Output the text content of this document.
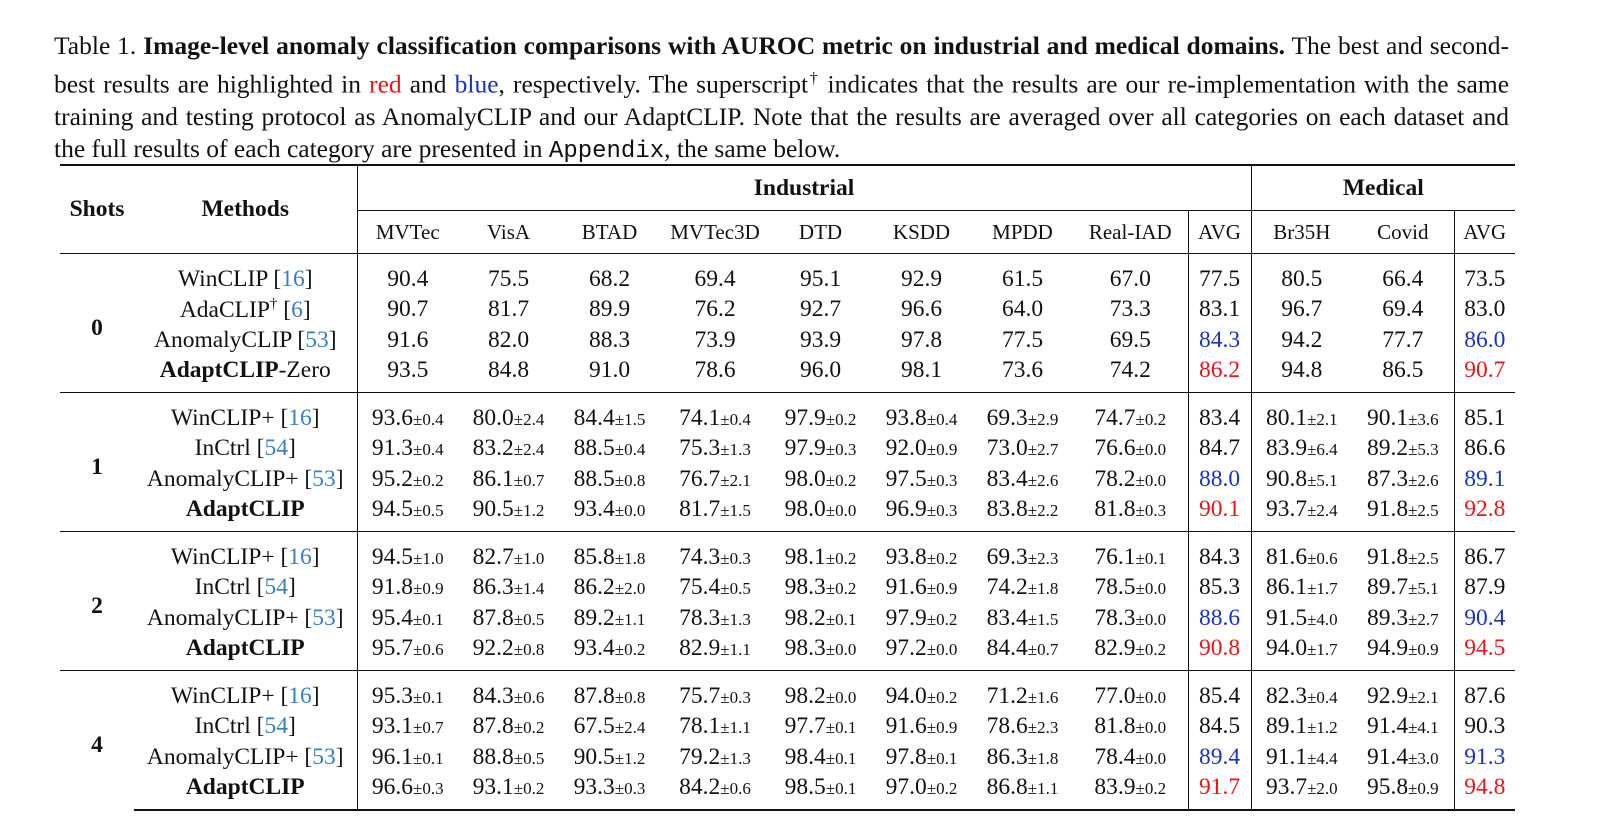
Table 1. Image-level anomaly classification comparisons with AUROC metric on industrial and medical domains. The best and second-best results are highlighted in red and blue, respectively. The superscript† indicates that the results are our re-implementation with the same training and testing protocol as AnomalyCLIP and our AdaptCLIP. Note that the results are averaged over all categories on each dataset and the full results of each category are presented in Appendix, the same below.
Shots	Methods	Industrial									Medical		
		MVTec	VisA	BTAD	MVTec3D	DTD	KSDD	MPDD	Real-IAD	AVG	Br35H	Covid	AVG
0	WinCLIP [16]	90.4	75.5	68.2	69.4	95.1	92.9	61.5	67.0	77.5	80.5	66.4	73.5
	AdaCLIP† [6]	90.7	81.7	89.9	76.2	92.7	96.6	64.0	73.3	83.1	96.7	69.4	83.0
	AnomalyCLIP [53]	91.6	82.0	88.3	73.9	93.9	97.8	77.5	69.5	84.3	94.2	77.7	86.0
	AdaptCLIP-Zero	93.5	84.8	91.0	78.6	96.0	98.1	73.6	74.2	86.2	94.8	86.5	90.7
1	WinCLIP+ [16]	93.6±0.4	80.0±2.4	84.4±1.5	74.1±0.4	97.9±0.2	93.8±0.4	69.3±2.9	74.7±0.2	83.4	80.1±2.1	90.1±3.6	85.1
	InCtrl [54]	91.3±0.4	83.2±2.4	88.5±0.4	75.3±1.3	97.9±0.3	92.0±0.9	73.0±2.7	76.6±0.0	84.7	83.9±6.4	89.2±5.3	86.6
	AnomalyCLIP+ [53]	95.2±0.2	86.1±0.7	88.5±0.8	76.7±2.1	98.0±0.2	97.5±0.3	83.4±2.6	78.2±0.0	88.0	90.8±5.1	87.3±2.6	89.1
	AdaptCLIP	94.5±0.5	90.5±1.2	93.4±0.0	81.7±1.5	98.0±0.0	96.9±0.3	83.8±2.2	81.8±0.3	90.1	93.7±2.4	91.8±2.5	92.8
2	WinCLIP+ [16]	94.5±1.0	82.7±1.0	85.8±1.8	74.3±0.3	98.1±0.2	93.8±0.2	69.3±2.3	76.1±0.1	84.3	81.6±0.6	91.8±2.5	86.7
	InCtrl [54]	91.8±0.9	86.3±1.4	86.2±2.0	75.4±0.5	98.3±0.2	91.6±0.9	74.2±1.8	78.5±0.0	85.3	86.1±1.7	89.7±5.1	87.9
	AnomalyCLIP+ [53]	95.4±0.1	87.8±0.5	89.2±1.1	78.3±1.3	98.2±0.1	97.9±0.2	83.4±1.5	78.3±0.0	88.6	91.5±4.0	89.3±2.7	90.4
	AdaptCLIP	95.7±0.6	92.2±0.8	93.4±0.2	82.9±1.1	98.3±0.0	97.2±0.0	84.4±0.7	82.9±0.2	90.8	94.0±1.7	94.9±0.9	94.5
4	WinCLIP+ [16]	95.3±0.1	84.3±0.6	87.8±0.8	75.7±0.3	98.2±0.0	94.0±0.2	71.2±1.6	77.0±0.0	85.4	82.3±0.4	92.9±2.1	87.6
	InCtrl [54]	93.1±0.7	87.8±0.2	67.5±2.4	78.1±1.1	97.7±0.1	91.6±0.9	78.6±2.3	81.8±0.0	84.5	89.1±1.2	91.4±4.1	90.3
	AnomalyCLIP+ [53]	96.1±0.1	88.8±0.5	90.5±1.2	79.2±1.3	98.4±0.1	97.8±0.1	86.3±1.8	78.4±0.0	89.4	91.1±4.4	91.4±3.0	91.3
	AdaptCLIP	96.6±0.3	93.1±0.2	93.3±0.3	84.2±0.6	98.5±0.1	97.0±0.2	86.8±1.1	83.9±0.2	91.7	93.7±2.0	95.8±0.9	94.8
